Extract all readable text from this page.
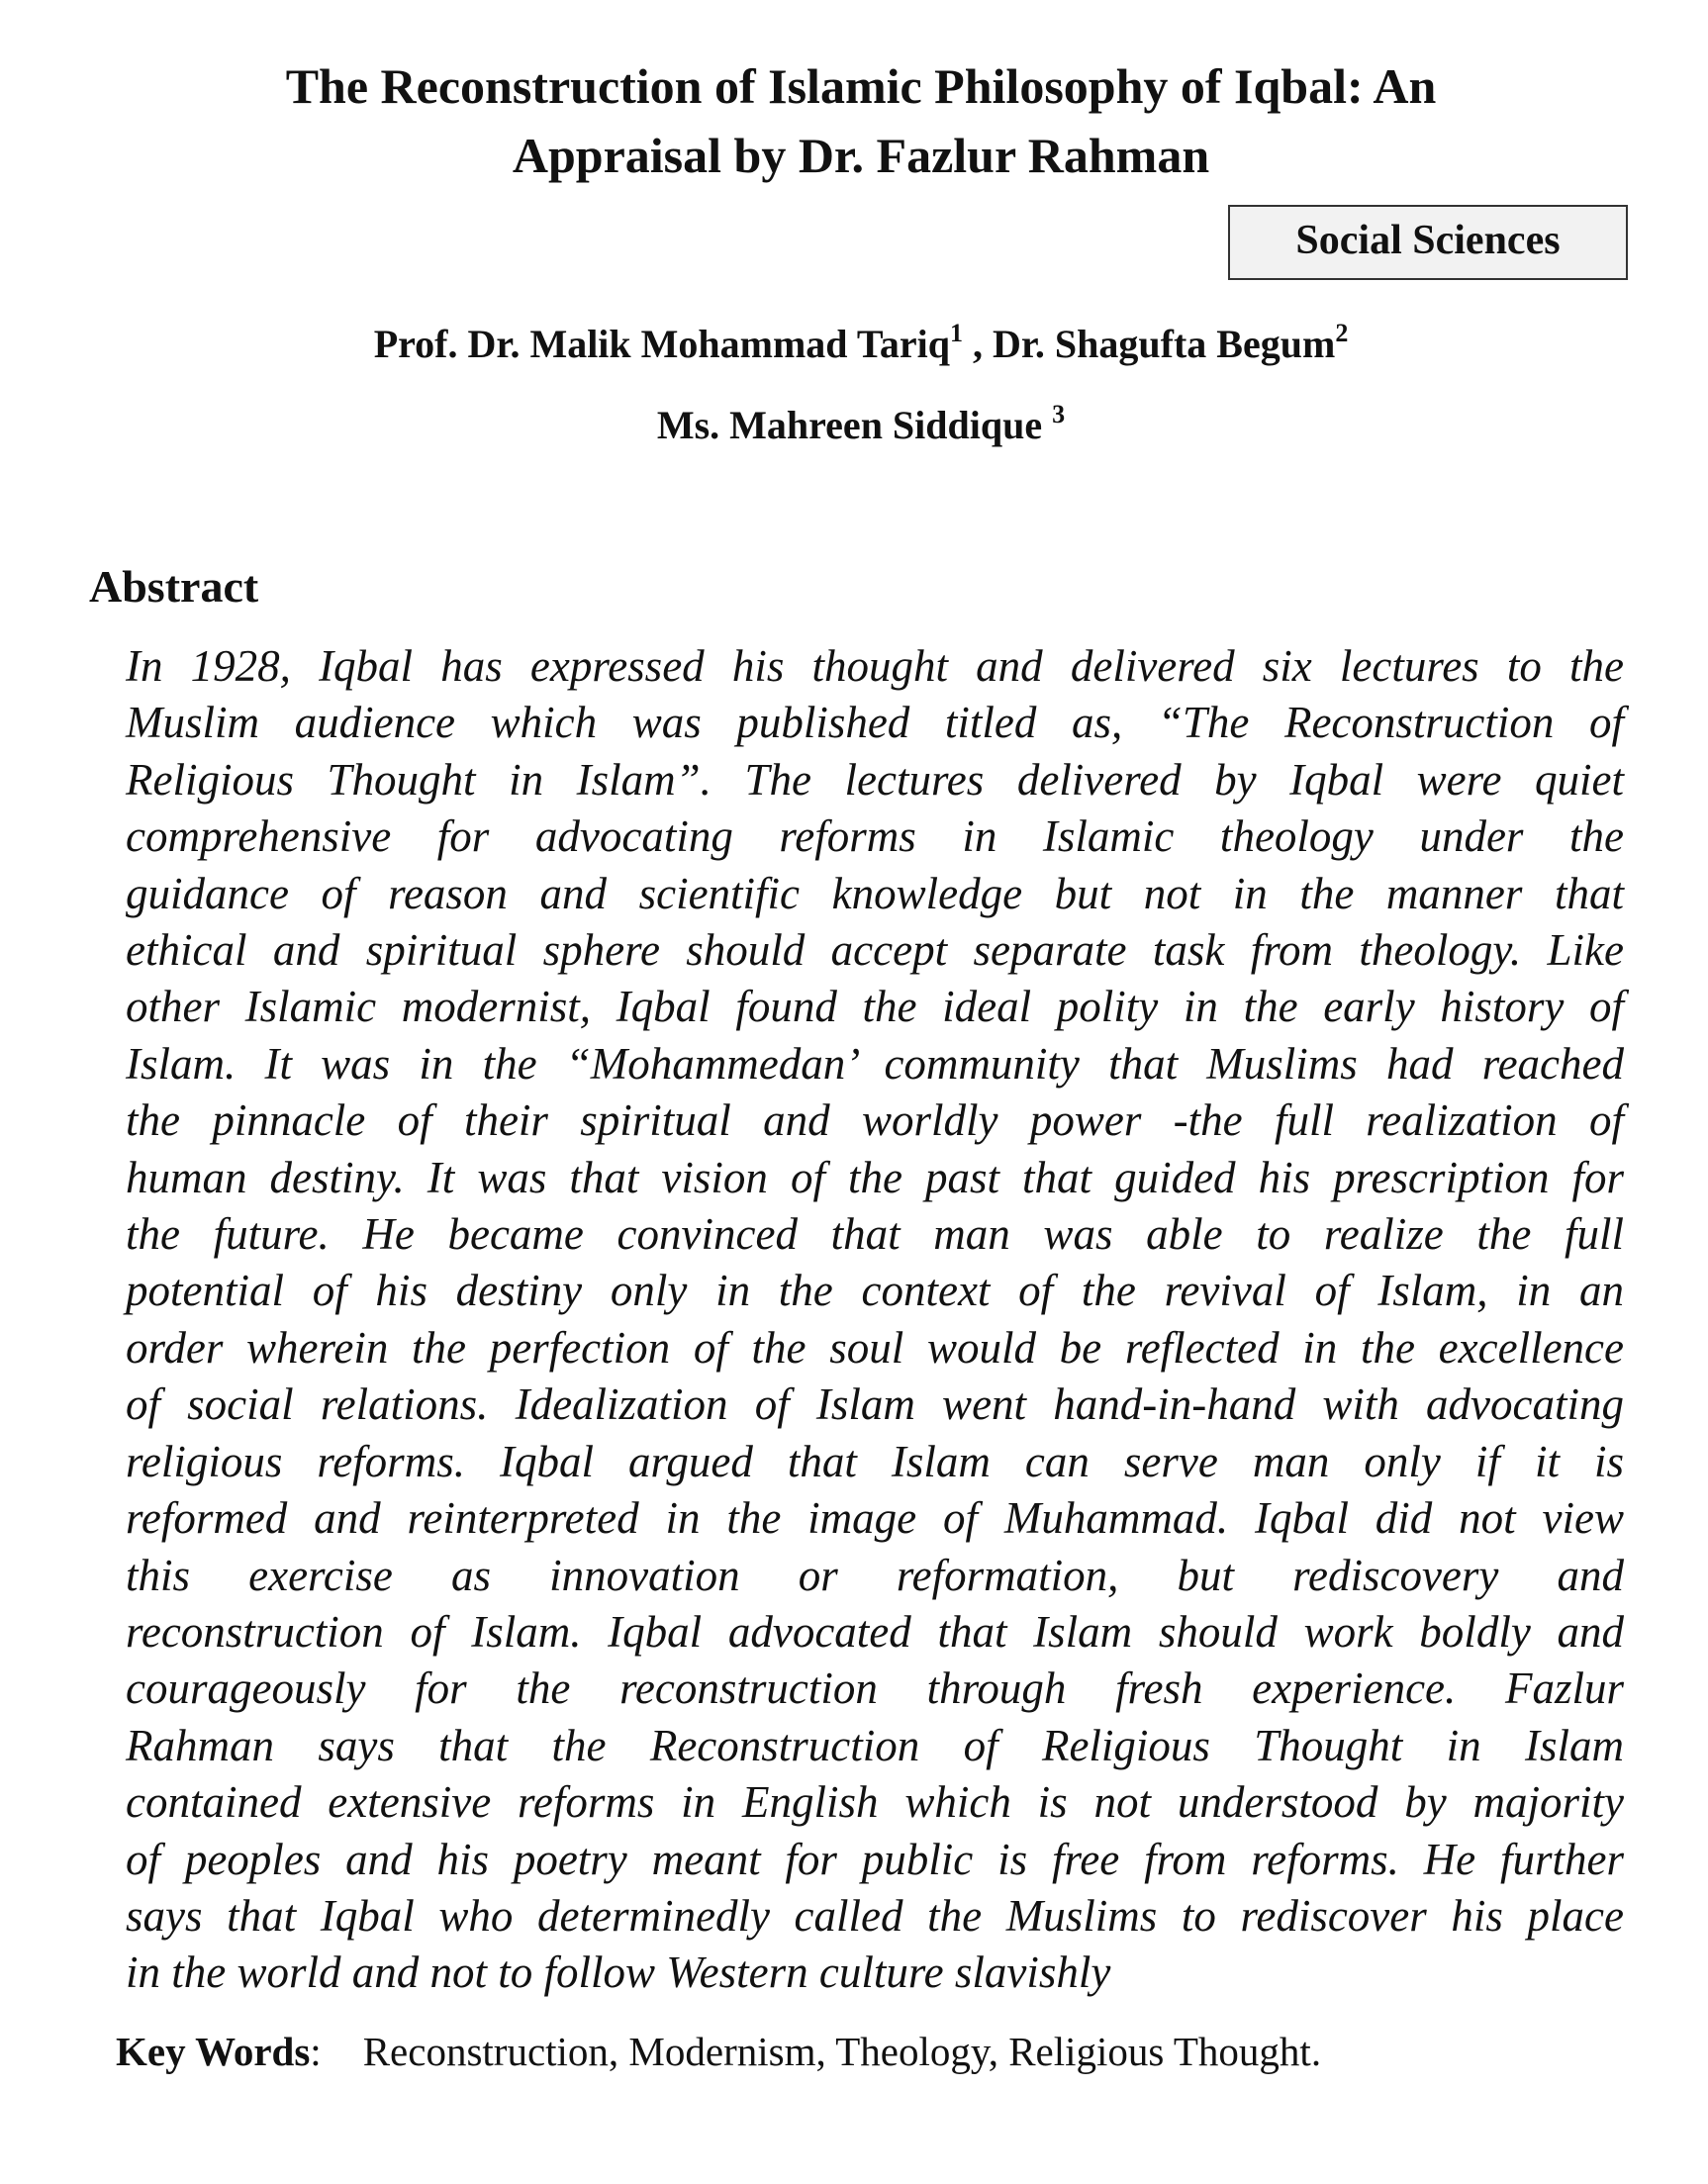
The Reconstruction of Islamic Philosophy of Iqbal: An
Appraisal by Dr. Fazlur Rahman
Social Sciences

Prof. Dr. Malik Mohammad Tariq$^1$ , Dr. Shagufta Begum$^2$

Ms. Mahreen Siddique $^3$

Abstract
In 1928, Iqbal has expressed his thought and delivered six lectures to the
Muslim audience which was published titled as, “The Reconstruction of
Religious Thought in Islam”. The lectures delivered by Iqbal were quiet
comprehensive for advocating reforms in Islamic theology under the
guidance of reason and scientific knowledge but not in the manner that
ethical and spiritual sphere should accept separate task from theology. Like
other Islamic modernist, Iqbal found the ideal polity in the early history of
Islam. It was in the “Mohammedan’ community that Muslims had reached
the pinnacle of their spiritual and worldly power -the full realization of
human destiny. It was that vision of the past that guided his prescription for
the future. He became convinced that man was able to realize the full
potential of his destiny only in the context of the revival of Islam, in an
order wherein the perfection of the soul would be reflected in the excellence
of social relations. Idealization of Islam went hand-in-hand with advocating
religious reforms. Iqbal argued that Islam can serve man only if it is
reformed and reinterpreted in the image of Muhammad. Iqbal did not view
this exercise as innovation or reformation, but rediscovery and
reconstruction of Islam. Iqbal advocated that Islam should work boldly and
courageously for the reconstruction through fresh experience. Fazlur
Rahman says that the Reconstruction of Religious Thought in Islam
contained extensive reforms in English which is not understood by majority
of peoples and his poetry meant for public is free from reforms. He further
says that Iqbal who determinedly called the Muslims to rediscover his place
in the world and not to follow Western culture slavishly

Key Words: Reconstruction, Modernism, Theology, Religious Thought.
